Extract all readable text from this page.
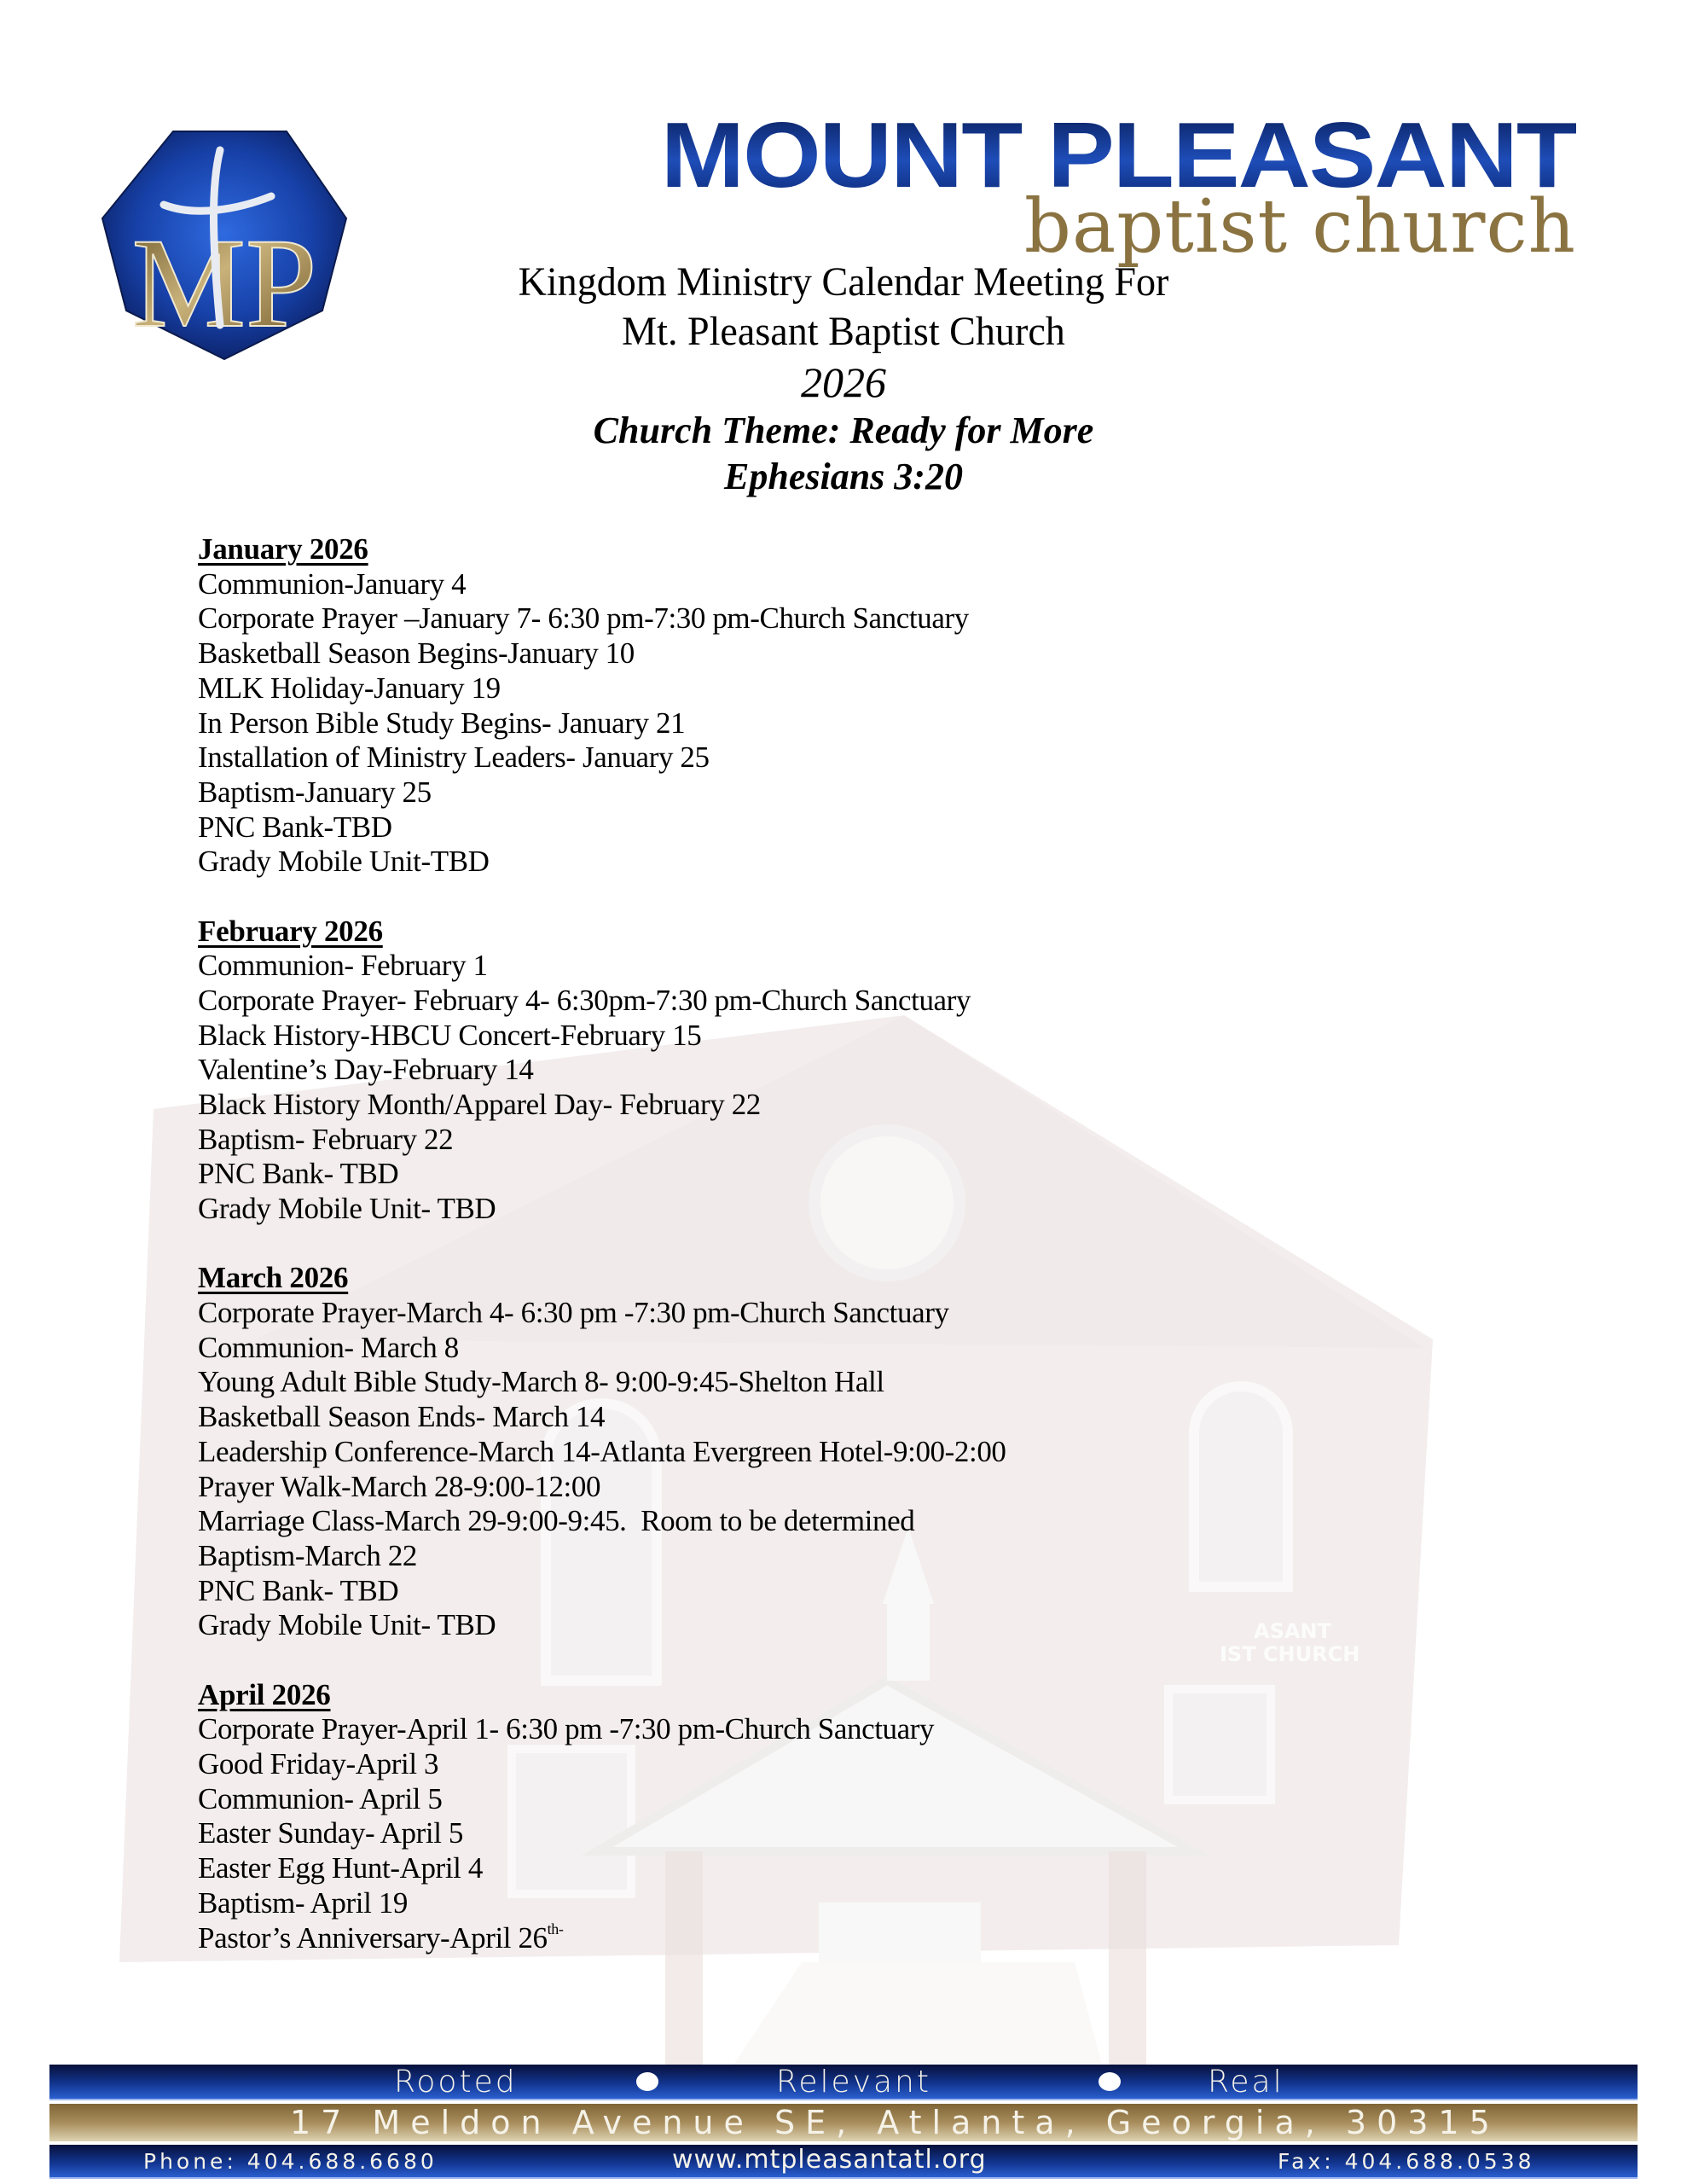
ASANT
IST CHURCH
MP
MOUNT PLEASANT
baptist church
Kingdom Ministry Calendar Meeting For
Mt. Pleasant Baptist Church
2026
Church Theme: Ready for More
Ephesians 3:20
January 2026
Communion-January 4
Corporate Prayer –January 7- 6:30 pm-7:30 pm-Church Sanctuary
Basketball Season Begins-January 10
MLK Holiday-January 19
In Person Bible Study Begins- January 21
Installation of Ministry Leaders- January 25
Baptism-January 25
PNC Bank-TBD
Grady Mobile Unit-TBD
February 2026
Communion- February 1
Corporate Prayer- February 4- 6:30pm-7:30 pm-Church Sanctuary
Black History-HBCU Concert-February 15
Valentine’s Day-February 14
Black History Month/Apparel Day- February 22
Baptism- February 22
PNC Bank- TBD
Grady Mobile Unit- TBD
March 2026
Corporate Prayer-March 4- 6:30 pm -7:30 pm-Church Sanctuary
Communion- March 8
Young Adult Bible Study-March 8- 9:00-9:45-Shelton Hall
Basketball Season Ends- March 14
Leadership Conference-March 14-Atlanta Evergreen Hotel-9:00-2:00
Prayer Walk-March 28-9:00-12:00
Marriage Class-March 29-9:00-9:45.  Room to be determined
Baptism-March 22
PNC Bank- TBD
Grady Mobile Unit- TBD
April 2026
Corporate Prayer-April 1- 6:30 pm -7:30 pm-Church Sanctuary
Good Friday-April 3
Communion- April 5
Easter Sunday- April 5
Easter Egg Hunt-April 4
Baptism- April 19
Pastor’s Anniversary-April $26^{th-}$
Rooted	Relevant	Real
17 Meldon Avenue SE, Atlanta, Georgia, 30315
Phone: 404.688.6680	www.mtpleasantatl.org	Fax: 404.688.0538
